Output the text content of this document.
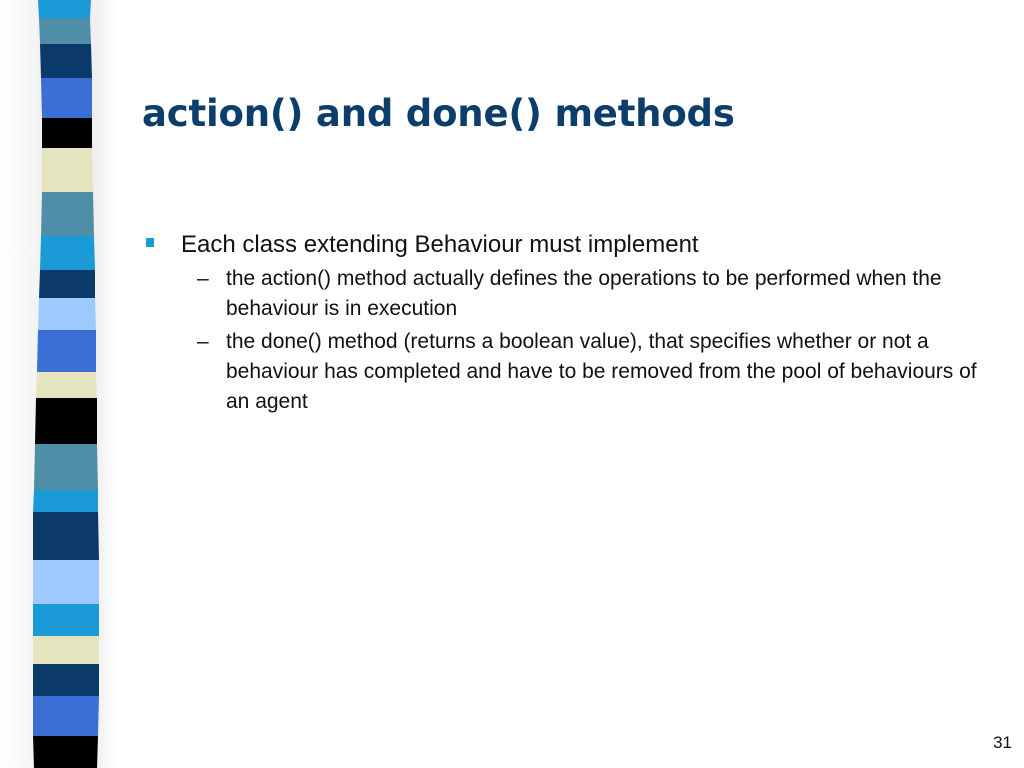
action() and done() methods
Each class extending Behaviour must implement
– the action() method actually defines the operations to be performed when the behaviour is in execution
– the done() method (returns a boolean value), that specifies whether or not a behaviour has completed and have to be removed from the pool of behaviours of an agent
31
